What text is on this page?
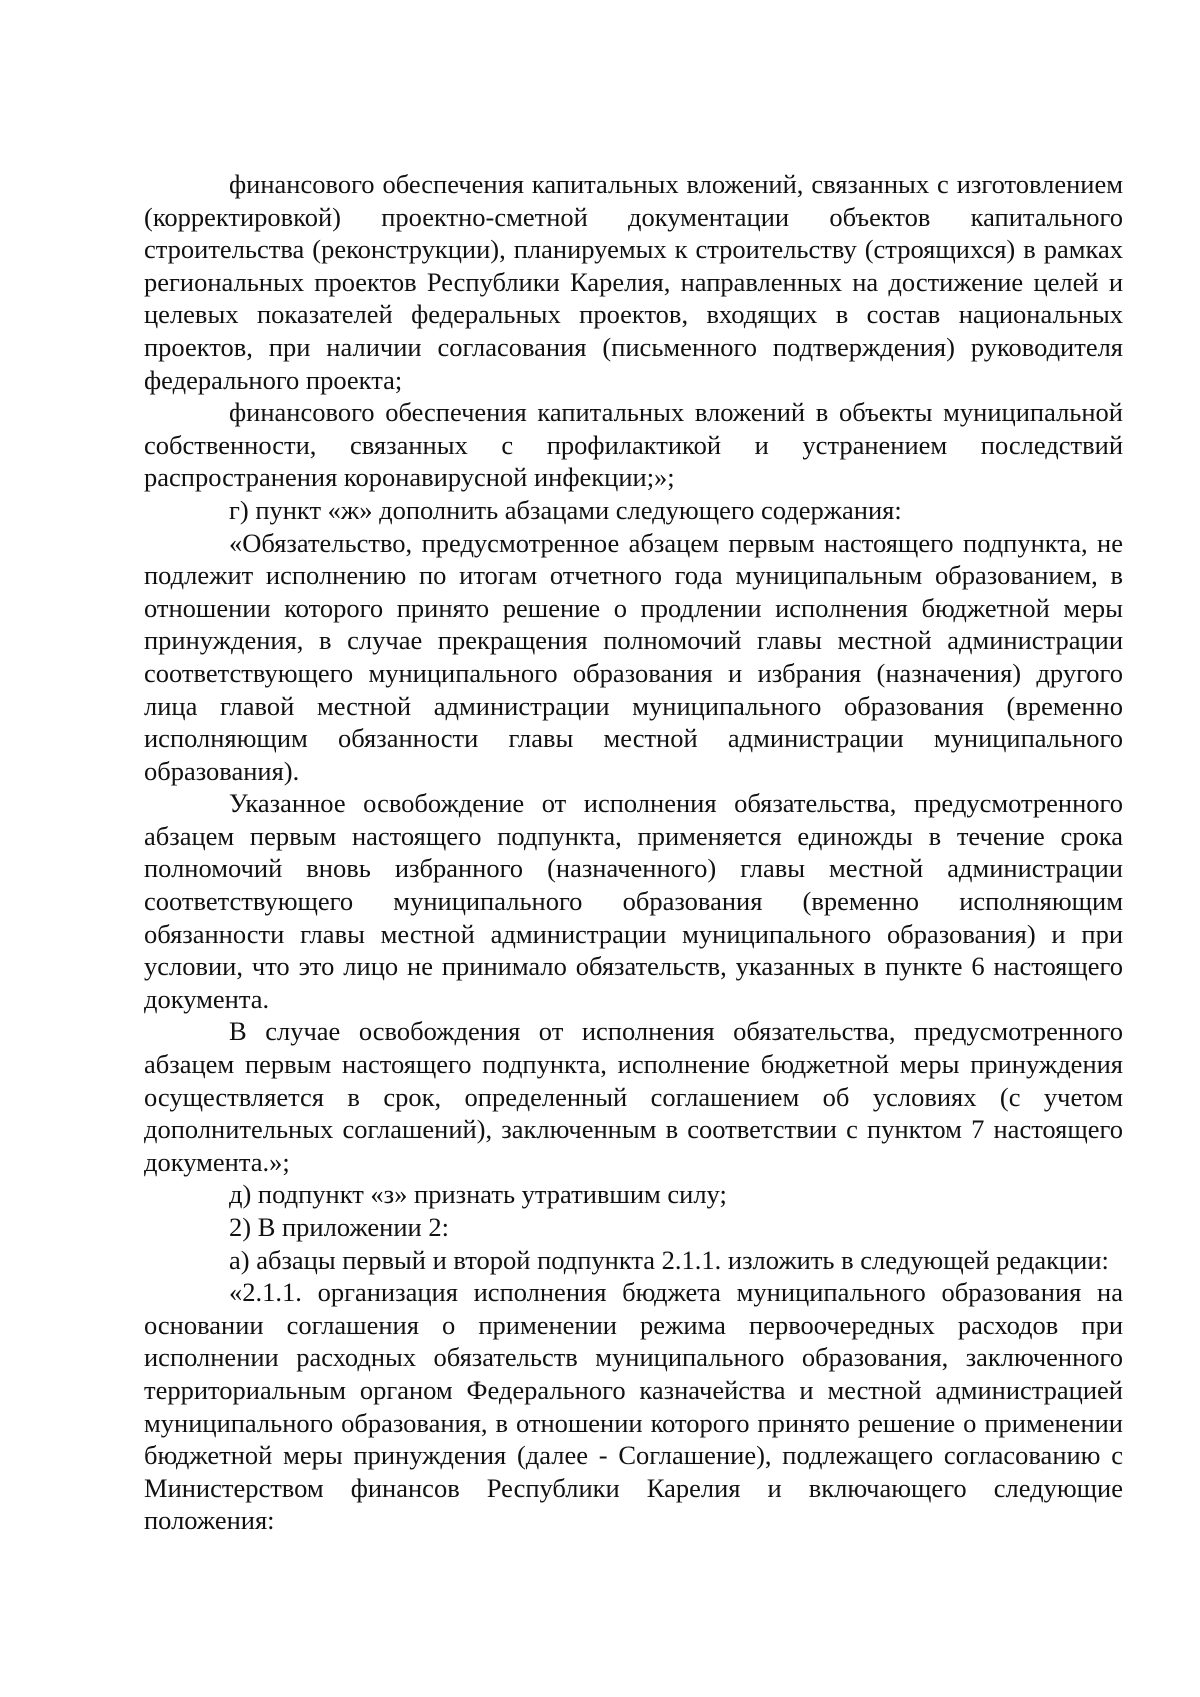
финансового обеспечения капитальных вложений, связанных с изготовлением (корректировкой) проектно-сметной документации объектов капитального строительства (реконструкции), планируемых к строительству (строящихся) в рамках региональных проектов Республики Карелия, направленных на достижение целей и целевых показателей федеральных проектов, входящих в состав национальных проектов, при наличии согласования (письменного подтверждения) руководителя федерального проекта;

финансового обеспечения капитальных вложений в объекты муниципальной собственности, связанных с профилактикой и устранением последствий распространения коронавирусной инфекции;»;

г) пункт «ж» дополнить абзацами следующего содержания:

«Обязательство, предусмотренное абзацем первым настоящего подпункта, не подлежит исполнению по итогам отчетного года муниципальным образованием, в отношении которого принято решение о продлении исполнения бюджетной меры принуждения, в случае прекращения полномочий главы местной администрации соответствующего муниципального образования и избрания (назначения) другого лица главой местной администрации муниципального образования (временно исполняющим обязанности главы местной администрации муниципального образования).

Указанное освобождение от исполнения обязательства, предусмотренного абзацем первым настоящего подпункта, применяется единожды в течение срока полномочий вновь избранного (назначенного) главы местной администрации соответствующего муниципального образования (временно исполняющим обязанности главы местной администрации муниципального образования) и при условии, что это лицо не принимало обязательств, указанных в пункте 6 настоящего документа.

В случае освобождения от исполнения обязательства, предусмотренного абзацем первым настоящего подпункта, исполнение бюджетной меры принуждения осуществляется в срок, определенный соглашением об условиях (с учетом дополнительных соглашений), заключенным в соответствии с пунктом 7 настоящего документа.»;

д) подпункт «з» признать утратившим силу;

2) В приложении 2:

а) абзацы первый и второй подпункта 2.1.1. изложить в следующей редакции:

«2.1.1. организация исполнения бюджета муниципального образования на основании соглашения о применении режима первоочередных расходов при исполнении расходных обязательств муниципального образования, заключенного территориальным органом Федерального казначейства и местной администрацией муниципального образования, в отношении которого принято решение о применении бюджетной меры принуждения (далее - Соглашение), подлежащего согласованию с Министерством финансов Республики Карелия и включающего следующие положения:
